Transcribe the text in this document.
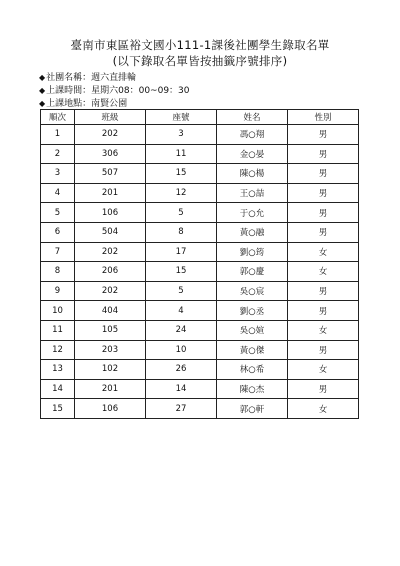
臺南市東區裕文國小111-1課後社團學生錄取名單
(以下錄取名單皆按抽籤序號排序)
◆社團名稱：週六直排輪
◆上課時間：星期六08：00~09：30
◆上課地點：南賢公園
順次	班級	座號	姓名	性別
1	202	3	馮○翔	男
2	306	11	金○晏	男
3	507	15	陳○楊	男
4	201	12	王○喆	男
5	106	5	于○允	男
6	504	8	黃○融	男
7	202	17	劉○筠	女
8	206	15	郭○慶	女
9	202	5	吳○宸	男
10	404	4	劉○丞	男
11	105	24	吳○媗	女
12	203	10	黃○傑	男
13	102	26	林○希	女
14	201	14	陳○杰	男
15	106	27	郭○軒	女
